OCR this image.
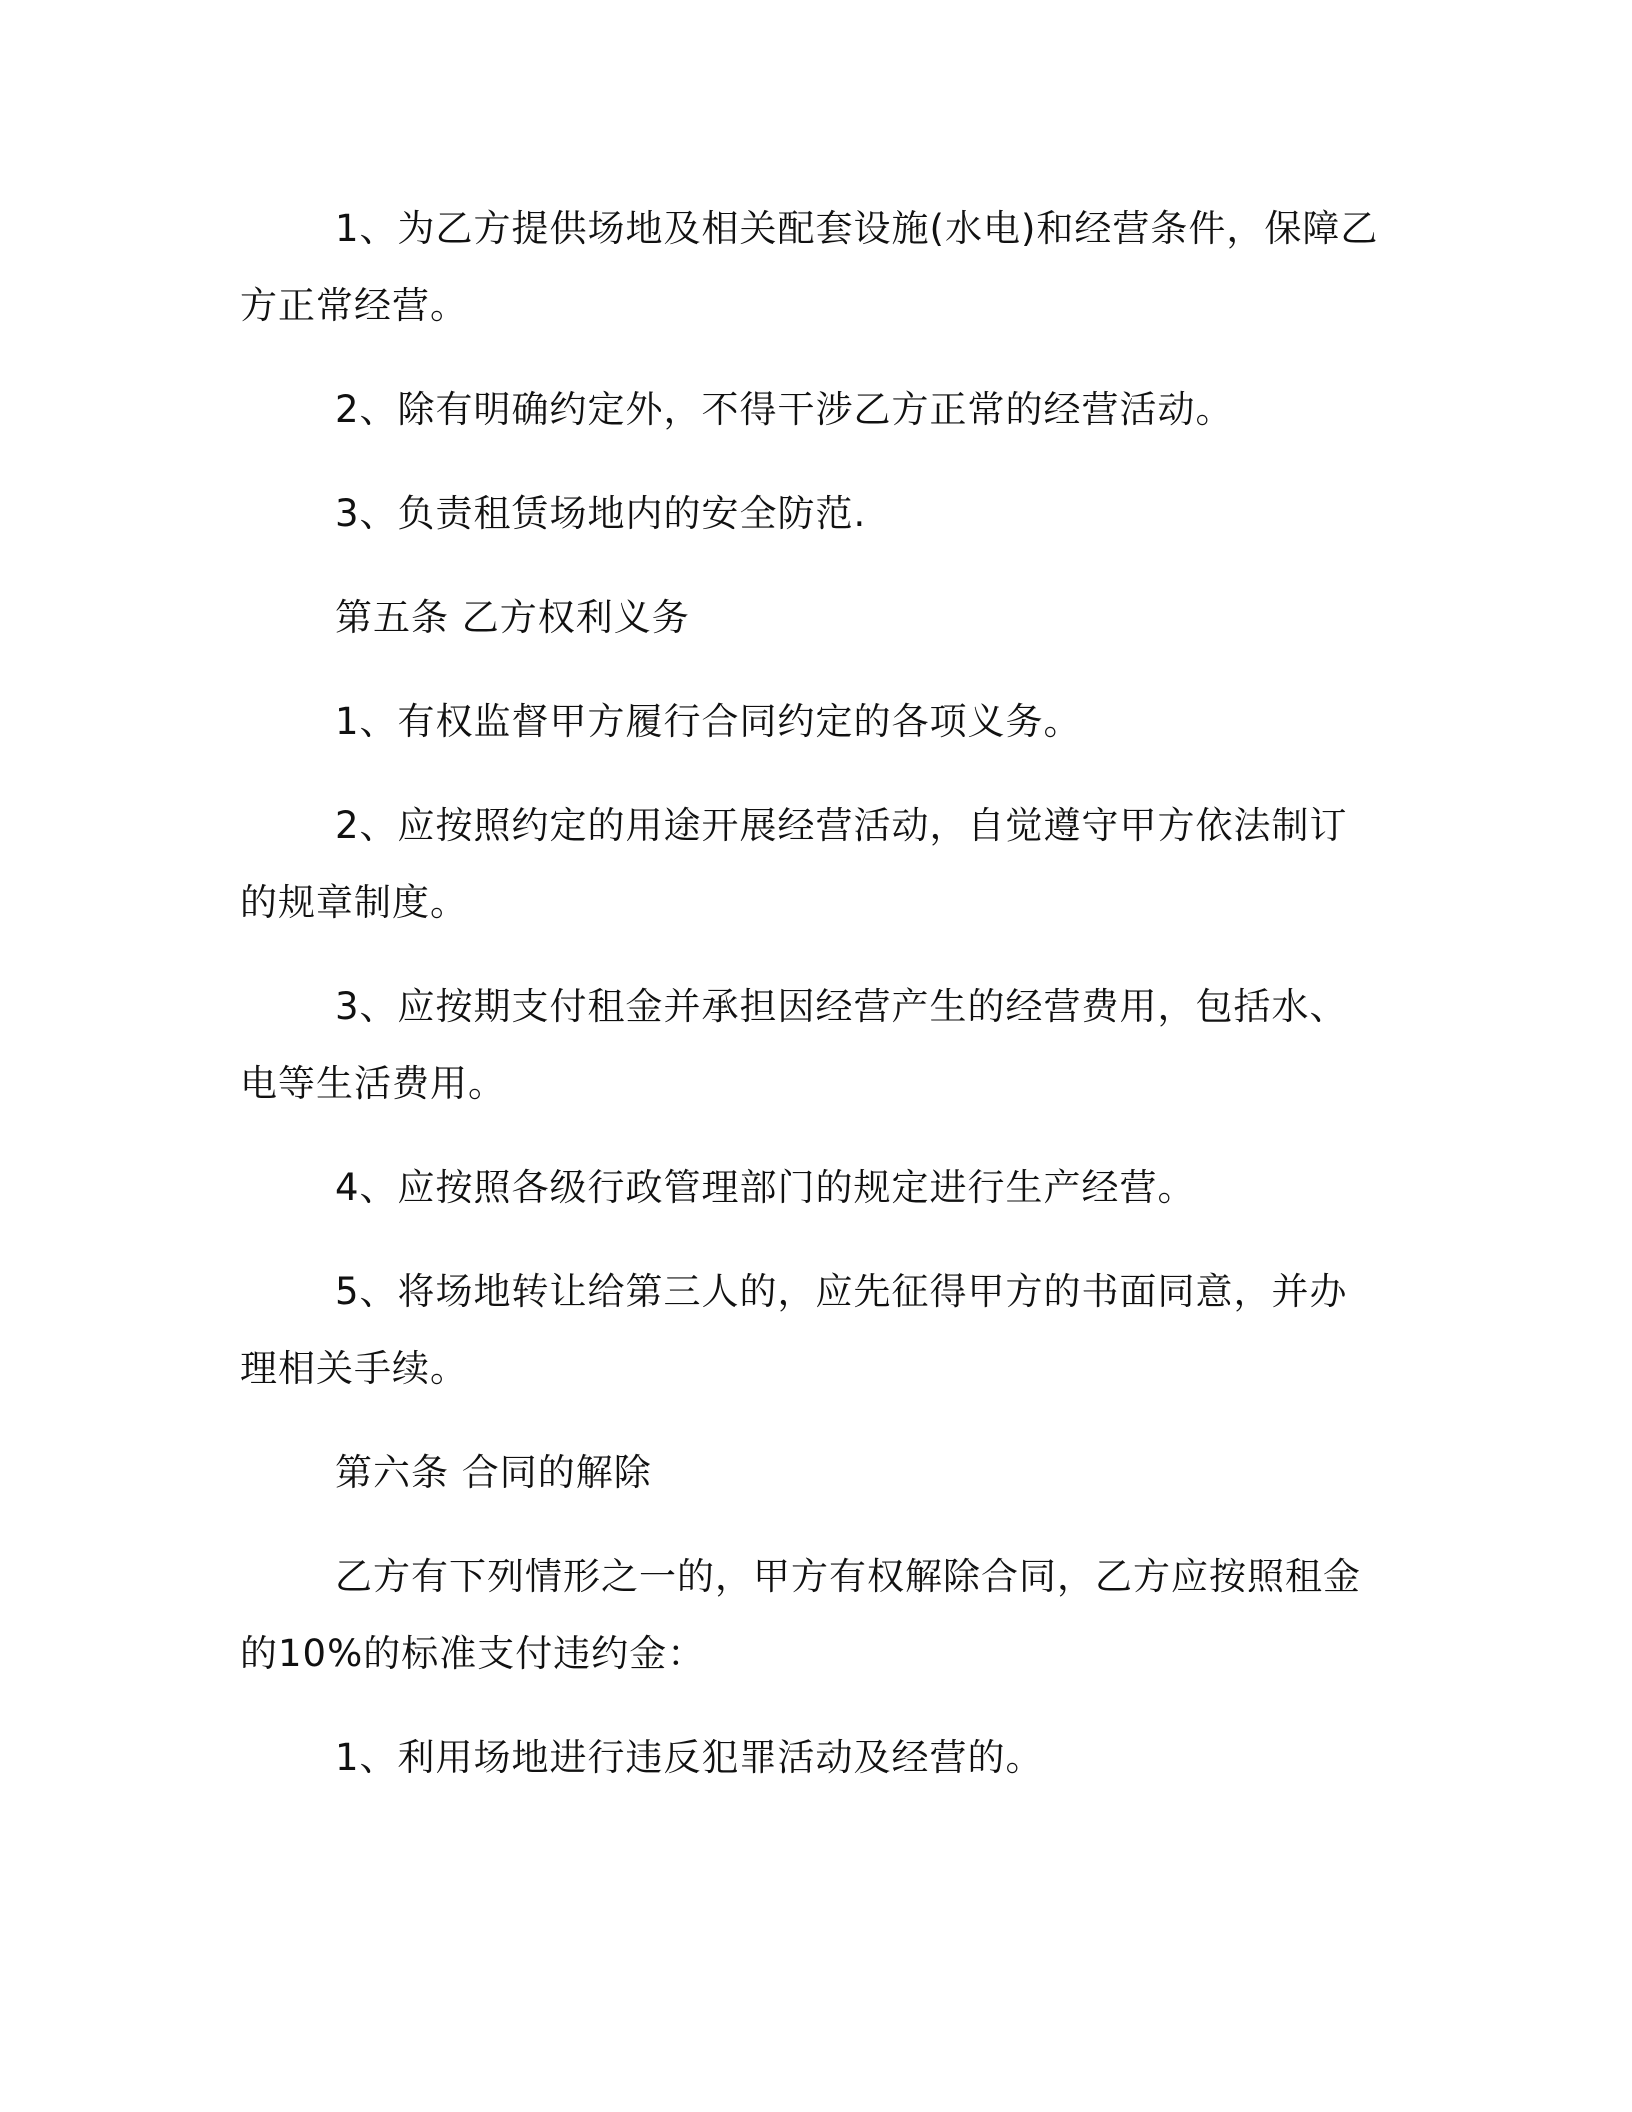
1、为乙方提供场地及相关配套设施(水电)和经营条件，保障乙方正常经营。

2、除有明确约定外，不得干涉乙方正常的经营活动。

3、负责租赁场地内的安全防范.

第五条 乙方权利义务

1、有权监督甲方履行合同约定的各项义务。

2、应按照约定的用途开展经营活动，自觉遵守甲方依法制订的规章制度。

3、应按期支付租金并承担因经营产生的经营费用，包括水、电等生活费用。

4、应按照各级行政管理部门的规定进行生产经营。

5、将场地转让给第三人的，应先征得甲方的书面同意，并办理相关手续。

第六条 合同的解除

乙方有下列情形之一的，甲方有权解除合同，乙方应按照租金的10%的标准支付违约金：

1、利用场地进行违反犯罪活动及经营的。
